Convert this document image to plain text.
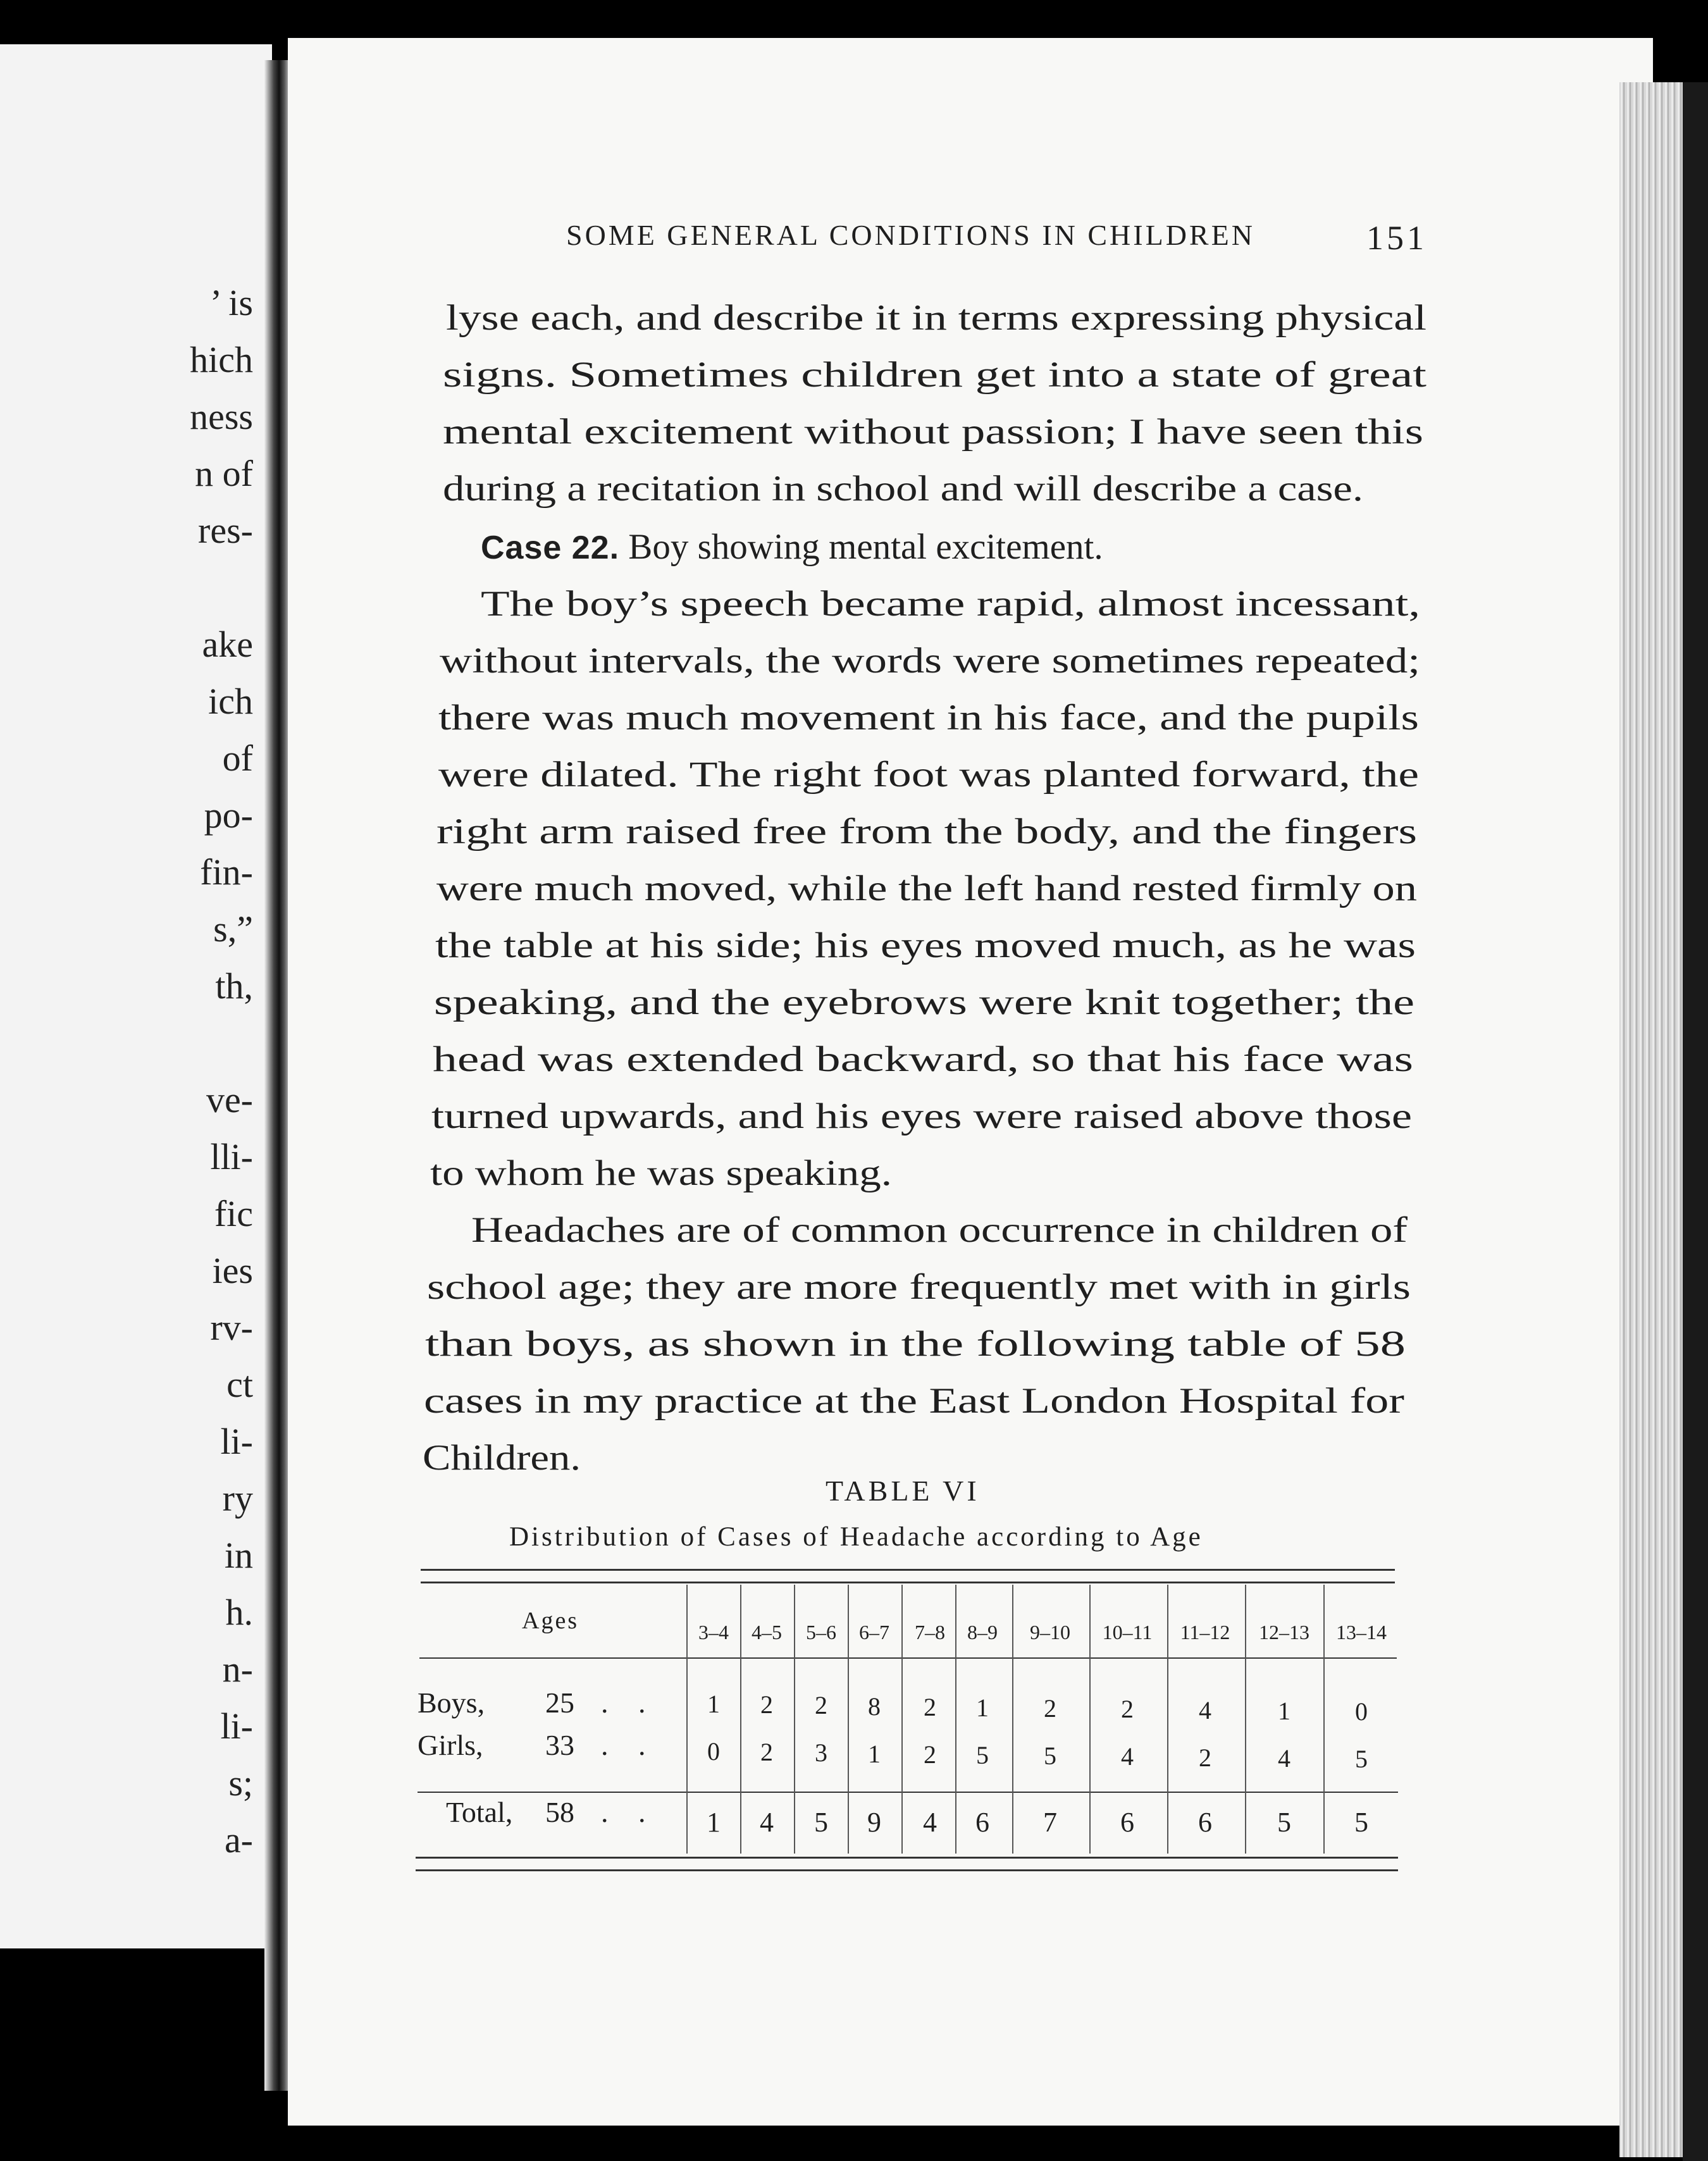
’ is
hich
ness
n of
res-
ake
ich
of
po-
fin-
s,”
th,
ve-
lli-
fic
ies
rv-
ct
li-
ry
in
h.
n-
li-
s;
a-
SOME GENERAL CONDITIONS IN CHILDREN	151
lyse each, and describe it in terms expressing physical
signs. Sometimes children get into a state of great
mental excitement without passion; I have seen this
during a recitation in school and will describe a case.
Case 22. Boy showing mental excitement.
The boy’s speech became rapid, almost incessant,
without intervals, the words were sometimes repeated;
there was much movement in his face, and the pupils
were dilated. The right foot was planted forward, the
right arm raised free from the body, and the fingers
were much moved, while the left hand rested firmly on
the table at his side; his eyes moved much, as he was
speaking, and the eyebrows were knit together; the
head was extended backward, so that his face was
turned upwards, and his eyes were raised above those
to whom he was speaking.
Headaches are of common occurrence in children of
school age; they are more frequently met with in girls
than boys, as shown in the following table of 58
cases in my practice at the East London Hospital for
Children.
TABLE VI
Distribution of Cases of Headache according to Age
Ages	3–4 4–5 5–6 6–7 7–8 8–9 9–10 10–11 11–12 12–13 13–14
Boys, 25 . . 1 2 2 8 2 1 2	2	4	1	0
Girls, 33 . . 0 2 3 1 2 5 5	4	2	4	5
Total, 58 . . 1 4 5 9 4 6 7 6 6 5 5
